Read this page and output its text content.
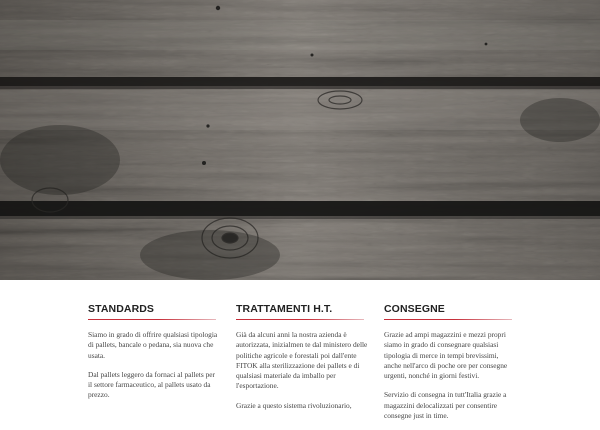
STANDARDS

Siamo in grado di offrire qualsiasi tipologia di pallets, bancale o pedana, sia nuova che usata.

Dal pallets leggero da fornaci al pallets per il settore farmaceutico, al pallets usato da prezzo.

TRATTAMENTI H.T.

Già da alcuni anni la nostra azienda è autorizzata, inizialmen te dal ministero delle politiche agricole e forestali poi dall'ente FITOK alla sterilizzazione dei pallets e di qualsiasi materiale da imballo per l'esportazione.

Grazie a questo sistema rivoluzionario,

CONSEGNE

Grazie ad ampi magazzini e mezzi propri siamo in grado di consegnare qualsiasi tipologia di merce in tempi brevissimi, anche nell'arco di poche ore per consegne urgenti, nonché in giorni festivi.

Servizio di consegna in tutt'Italia grazie a magazzini delocalizzati per consentire consegne just in time.
